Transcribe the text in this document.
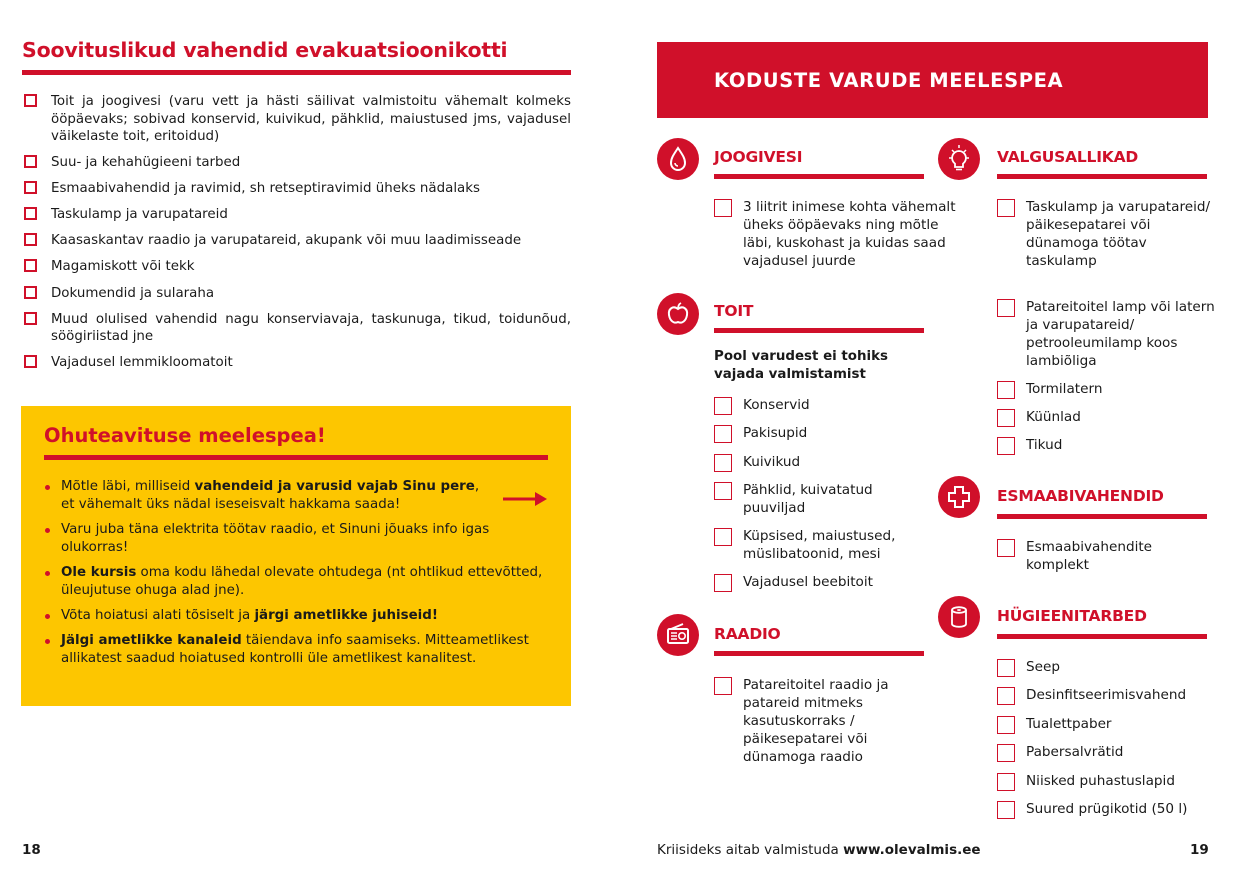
Soovituslikud vahendid evakuatsioonikotti
Toit ja joogivesi (varu vett ja hästi säilivat valmistoitu vähemalt kolmeks ööpäevaks; sobivad konservid, kuivikud, pähklid, maiustused jms, vajadusel väikelaste toit, eritoidud)
Suu- ja kehahügieeni tarbed
Esmaabivahendid ja ravimid, sh retseptiravimid üheks nädalaks
Taskulamp ja varupatareid
Kaasaskantav raadio ja varupatareid, akupank või muu laadimisseade
Magamiskott või tekk
Dokumendid ja sularaha
Muud olulised vahendid nagu konserviavaja, taskunuga, tikud, toidunõud, söögiriistad jne
Vajadusel lemmikloomatoit
Ohuteavituse meelespea!
Mõtle läbi, milliseid vahendeid ja varusid vajab Sinu pere, et vähemalt üks nädal iseseisvalt hakkama saada!
Varu juba täna elektrita töötav raadio, et Sinuni jõuaks info igas olukorras!
Ole kursis oma kodu lähedal olevate ohtudega (nt ohtlikud ettevõtted, üleujutuse ohuga alad jne).
Võta hoiatusi alati tõsiselt ja järgi ametlikke juhiseid!
Jälgi ametlikke kanaleid täiendava info saamiseks. Mitteametlikest allikatest saadud hoiatused kontrolli üle ametlikest kanalitest.
18
KODUSTE VARUDE MEELESPEA
JOOGIVESI
3 liitrit inimese kohta vähemalt üheks ööpäevaks ning mõtle läbi, kuskohast ja kuidas saad vajadusel juurde
TOIT
Pool varudest ei tohiks vajada valmistamist
Konservid
Pakisupid
Kuivikud
Pähklid, kuivatatud puuviljad
Küpsised, maiustused, müslibatoonid, mesi
Vajadusel beebitoit
RAADIO
Patareitoitel raadio ja patareid mitmeks kasutuskorraks / päikesepatarei või dünamoga raadio
VALGUSALLIKAD
Taskulamp ja varupatareid/ päikesepatarei või dünamoga töötav taskulamp
Patareitoitel lamp või latern ja varupatareid/ petrooleumilamp koos lambiõliga
Tormilatern
Küünlad
Tikud
ESMAABIVAHENDID
Esmaabivahendite komplekt
HÜGIEENITARBED
Seep
Desinfitseerimisvahend
Tualettpaber
Pabersalvrätid
Niisked puhastuslapid
Suured prügikotid (50 l)
Kriisideks aitab valmistuda www.olevalmis.ee	19
